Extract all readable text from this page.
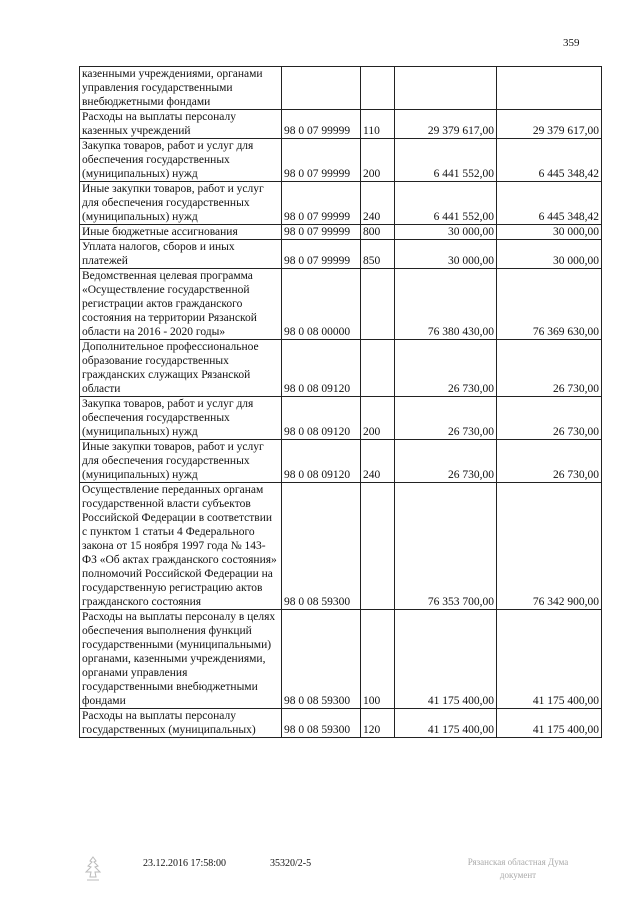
359
казенными учреждениями, органами управления государственными внебюджетными фондами				
Расходы на выплаты персоналу казенных учреждений	98 0 07 99999	110	29 379 617,00	29 379 617,00
Закупка товаров, работ и услуг для обеспечения государственных (муниципальных) нужд	98 0 07 99999	200	6 441 552,00	6 445 348,42
Иные закупки товаров, работ и услуг для обеспечения государственных (муниципальных) нужд	98 0 07 99999	240	6 441 552,00	6 445 348,42
Иные бюджетные ассигнования	98 0 07 99999	800	30 000,00	30 000,00
Уплата налогов, сборов и иных платежей	98 0 07 99999	850	30 000,00	30 000,00
Ведомственная целевая программа «Осуществление государственной регистрации актов гражданского состояния на территории Рязанской области на 2016 - 2020 годы»	98 0 08 00000		76 380 430,00	76 369 630,00
Дополнительное профессиональное образование государственных гражданских служащих Рязанской области	98 0 08 09120		26 730,00	26 730,00
Закупка товаров, работ и услуг для обеспечения государственных (муниципальных) нужд	98 0 08 09120	200	26 730,00	26 730,00
Иные закупки товаров, работ и услуг для обеспечения государственных (муниципальных) нужд	98 0 08 09120	240	26 730,00	26 730,00
Осуществление переданных органам государственной власти субъектов Российской Федерации в соответствии с пунктом 1 статьи 4 Федерального закона от 15 ноября 1997 года № 143-ФЗ «Об актах гражданского состояния» полномочий Российской Федерации на государственную регистрацию актов гражданского состояния	98 0 08 59300		76 353 700,00	76 342 900,00
Расходы на выплаты персоналу в целях обеспечения выполнения функций государственными (муниципальными) органами, казенными учреждениями, органами управления государственными внебюджетными фондами	98 0 08 59300	100	41 175 400,00	41 175 400,00
Расходы на выплаты персоналу государственных (муниципальных)	98 0 08 59300	120	41 175 400,00	41 175 400,00
23.12.2016 17:58:00	35320/2-5	Рязанская областная Дума
документ
